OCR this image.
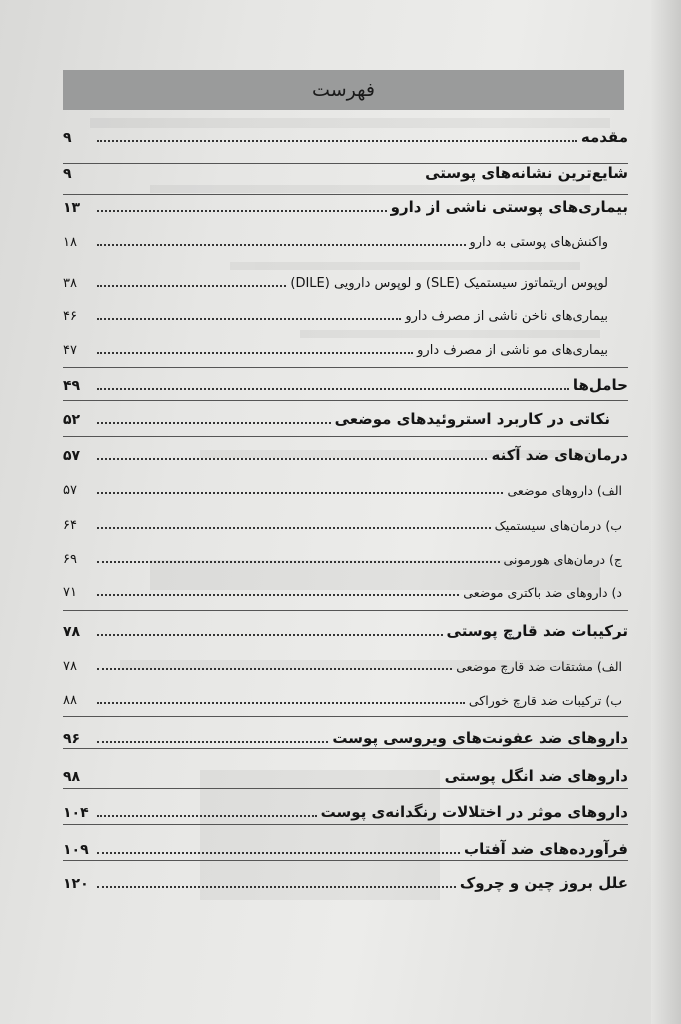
فهرست
مقدمه
۹
شایع‌ترین نشانه‌های پوستی
۹
بیماری‌های پوستی ناشی از دارو
۱۳
واکنش‌های پوستی به دارو
۱۸
لوپوس اریتماتوز سیستمیک (SLE) و لوپوس دارویی (DILE)
۳۸
بیماری‌های ناخن ناشی از مصرف دارو
۴۶
بیماری‌های مو ناشی از مصرف دارو
۴۷
حامل‌ها
۴۹
نکاتی در کاربرد استروئیدهای موضعی
۵۲
درمان‌های ضد آکنه
۵۷
الف) داروهای موضعی
۵۷
ب) درمان‌های سیستمیک
۶۴
ج) درمان‌های هورمونی
۶۹
د) داروهای ضد باکتری موضعی
۷۱
ترکیبات ضد قارچ پوستی
۷۸
الف) مشتقات ضد قارچ موضعی
۷۸
ب) ترکیبات ضد قارچ خوراکی
۸۸
داروهای ضد عفونت‌های ویروسی پوست
۹۶
داروهای ضد انگل پوستی
۹۸
داروهای موثر در اختلالات رنگدانه‌ی پوست
۱۰۴
فرآورده‌های ضد آفتاب
۱۰۹
علل بروز چین و چروک
۱۲۰
